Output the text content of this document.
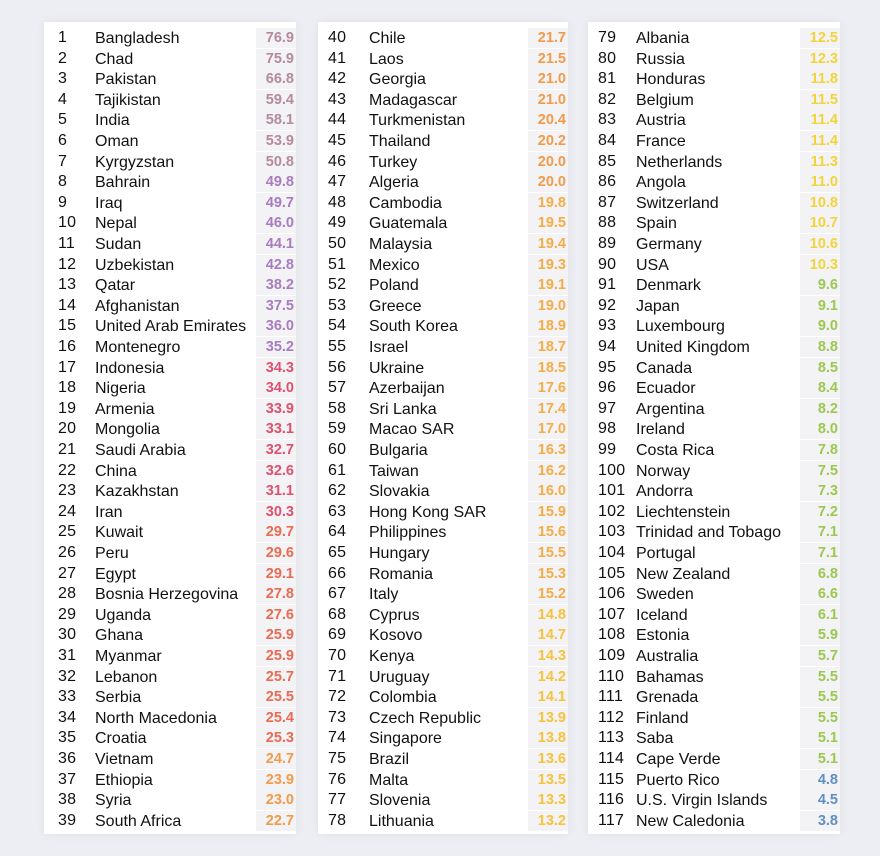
1 Bangladesh	76.9
2 Chad	75.9
3 Pakistan	66.8
4 Tajikistan	59.4
5 India	58.1
6 Oman	53.9
7 Kyrgyzstan	50.8
8 Bahrain	49.8
9 Iraq	49.7
10 Nepal	46.0
11 Sudan	44.1
12 Uzbekistan	42.8
13 Qatar	38.2
14 Afghanistan	37.5
15 United Arab Emirates	36.0
16 Montenegro	35.2
17 Indonesia	34.3
18 Nigeria	34.0
19 Armenia	33.9
20 Mongolia	33.1
21 Saudi Arabia	32.7
22 China	32.6
23 Kazakhstan	31.1
24 Iran	30.3
25 Kuwait	29.7
26 Peru	29.6
27 Egypt	29.1
28 Bosnia Herzegovina	27.8
29 Uganda	27.6
30 Ghana	25.9
31 Myanmar	25.9
32 Lebanon	25.7
33 Serbia	25.5
34 North Macedonia	25.4
35 Croatia	25.3
36 Vietnam	24.7
37 Ethiopia	23.9
38 Syria	23.0
39 South Africa	22.7
40 Chile	21.7
41 Laos	21.5
42 Georgia	21.0
43 Madagascar	21.0
44 Turkmenistan	20.4
45 Thailand	20.2
46 Turkey	20.0
47 Algeria	20.0
48 Cambodia	19.8
49 Guatemala	19.5
50 Malaysia	19.4
51 Mexico	19.3
52 Poland	19.1
53 Greece	19.0
54 South Korea	18.9
55 Israel	18.7
56 Ukraine	18.5
57 Azerbaijan	17.6
58 Sri Lanka	17.4
59 Macao SAR	17.0
60 Bulgaria	16.3
61 Taiwan	16.2
62 Slovakia	16.0
63 Hong Kong SAR	15.9
64 Philippines	15.6
65 Hungary	15.5
66 Romania	15.3
67 Italy	15.2
68 Cyprus	14.8
69 Kosovo	14.7
70 Kenya	14.3
71 Uruguay	14.2
72 Colombia	14.1
73 Czech Republic	13.9
74 Singapore	13.8
75 Brazil	13.6
76 Malta	13.5
77 Slovenia	13.3
78 Lithuania	13.2
79 Albania	12.5
80 Russia	12.3
81 Honduras	11.8
82 Belgium	11.5
83 Austria	11.4
84 France	11.4
85 Netherlands	11.3
86 Angola	11.0
87 Switzerland	10.8
88 Spain	10.7
89 Germany	10.6
90 USA	10.3
91 Denmark	9.6
92 Japan	9.1
93 Luxembourg	9.0
94 United Kingdom	8.8
95 Canada	8.5
96 Ecuador	8.4
97 Argentina	8.2
98 Ireland	8.0
99 Costa Rica	7.8
100 Norway	7.5
101 Andorra	7.3
102 Liechtenstein	7.2
103 Trinidad and Tobago	7.1
104 Portugal	7.1
105 New Zealand	6.8
106 Sweden	6.6
107 Iceland	6.1
108 Estonia	5.9
109 Australia	5.7
110 Bahamas	5.5
111 Grenada	5.5
112 Finland	5.5
113 Saba	5.1
114 Cape Verde	5.1
115 Puerto Rico	4.8
116 U.S. Virgin Islands	4.5
117 New Caledonia	3.8
